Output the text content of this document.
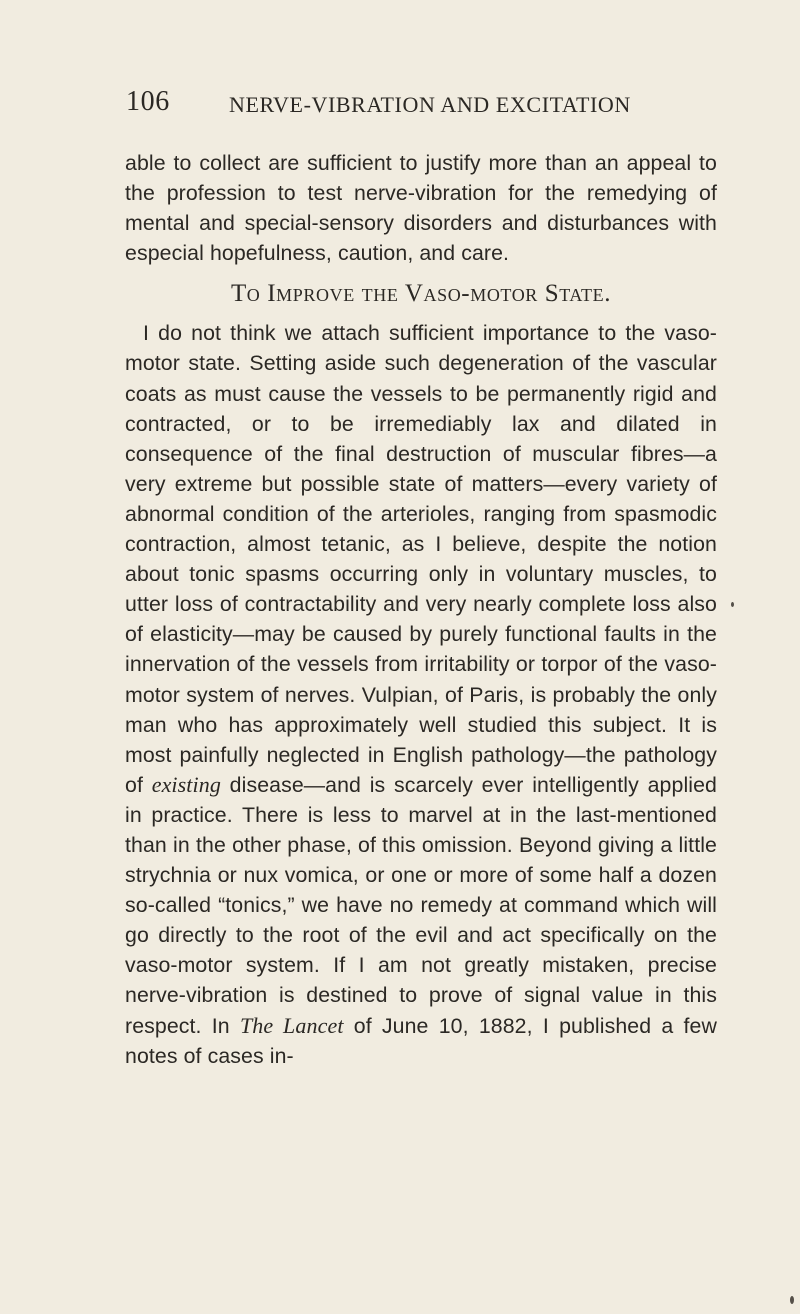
106	NERVE-VIBRATION AND EXCITATION

able to collect are sufficient to justify more than an appeal to the profession to test nerve-vibration for the remedying of mental and special-sensory disorders and disturbances with especial hopefulness, caution, and care.

To Improve the Vaso-motor State.

I do not think we attach sufficient importance to the vaso-motor state. Setting aside such degeneration of the vascular coats as must cause the vessels to be permanently rigid and contracted, or to be irremediably lax and dilated in consequence of the final destruction of muscular fibres—a very extreme but possible state of matters—every variety of abnormal condition of the arterioles, ranging from spasmodic contraction, almost tetanic, as I believe, despite the notion about tonic spasms occurring only in voluntary muscles, to utter loss of contractability and very nearly complete loss also of elasticity—may be caused by purely functional faults in the innervation of the vessels from irritability or torpor of the vaso-motor system of nerves. Vulpian, of Paris, is probably the only man who has approximately well studied this subject. It is most painfully neglected in English pathology—the pathology of existing disease—and is scarcely ever intelligently applied in practice. There is less to marvel at in the last-mentioned than in the other phase, of this omission. Beyond giving a little strychnia or nux vomica, or one or more of some half a dozen so-called “tonics,” we have no remedy at command which will go directly to the root of the evil and act specifically on the vaso-motor system. If I am not greatly mistaken, precise nerve-vibration is destined to prove of signal value in this respect. In The Lancet of June 10, 1882, I published a few notes of cases in-
